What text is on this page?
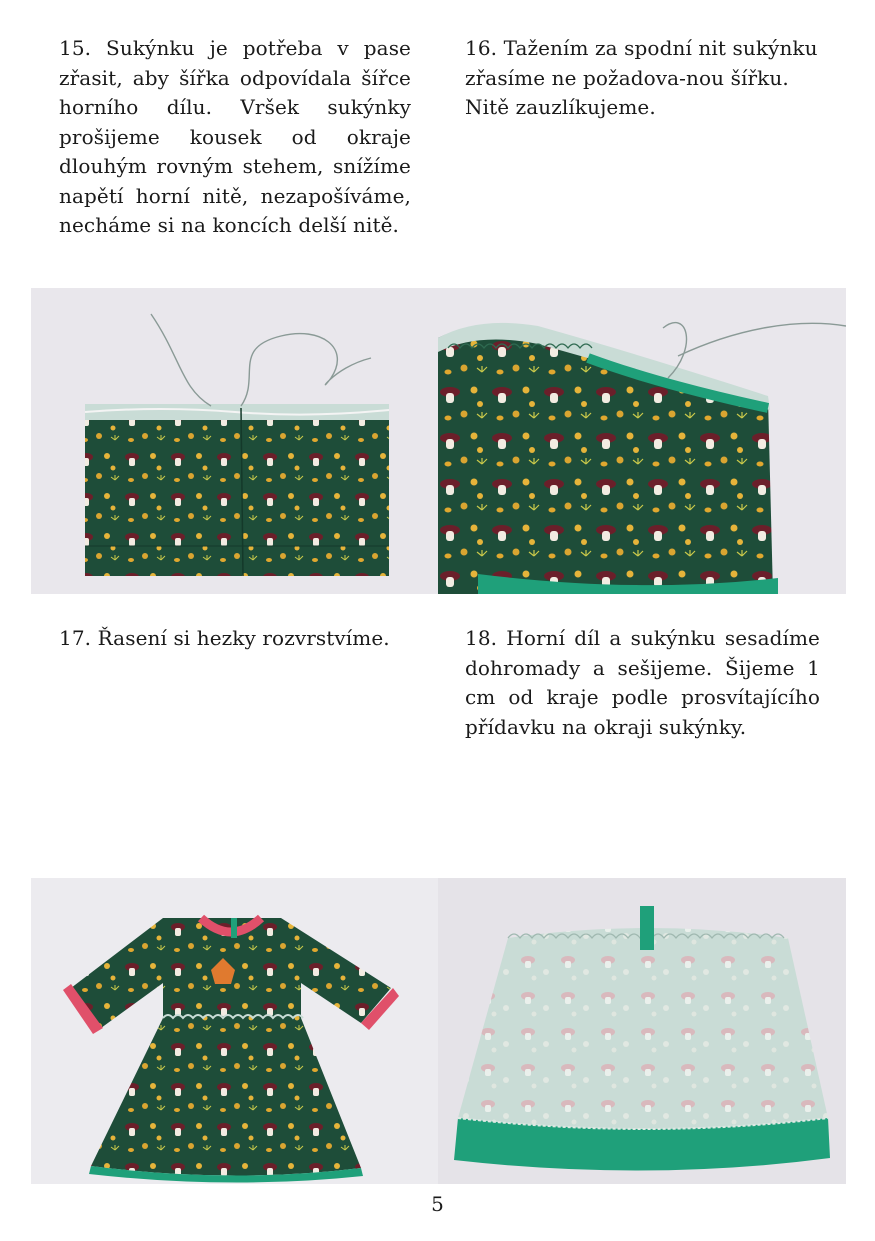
15. Sukýnku je potřeba v pase zřasit, aby šířka odpovídala šířce horního dílu. Vršek sukýnky prošijeme kousek od okraje dlouhým rovným stehem, snížíme napětí horní nitě, nezapošíváme, necháme si na koncích delší nitě.
16. Tažením za spodní nit sukýnku zřasíme ne požadova-nou šířku. Nitě zauzlíkujeme.
17. Řasení si hezky rozvrstvíme.	18. Horní díl a sukýnku sesadíme dohromady a sešijeme. Šijeme 1 cm od kraje podle prosvítajícího přídavku na okraji sukýnky.
5
